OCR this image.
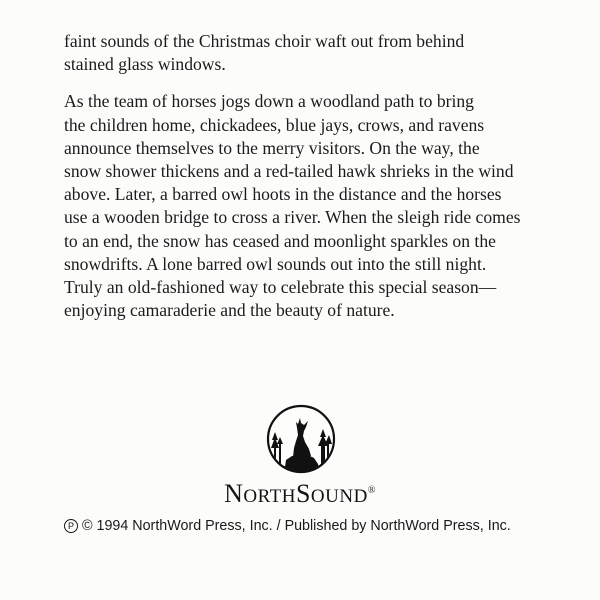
faint sounds of the Christmas choir waft out from behind

stained glass windows.

As the team of horses jogs down a woodland path to bring

the children home, chickadees, blue jays, crows, and ravens

announce themselves to the merry visitors. On the way, the

snow shower thickens and a red-tailed hawk shrieks in the wind

above. Later, a barred owl hoots in the distance and the horses

use a wooden bridge to cross a river. When the sleigh ride comes

to an end, the snow has ceased and moonlight sparkles on the

snowdrifts. A lone barred owl sounds out into the still night.

Truly an old-fashioned way to celebrate this special season—

enjoying camaraderie and the beauty of nature.

NORTHSOUND®
P © 1994 NorthWord Press, Inc. / Published by NorthWord Press, Inc.
